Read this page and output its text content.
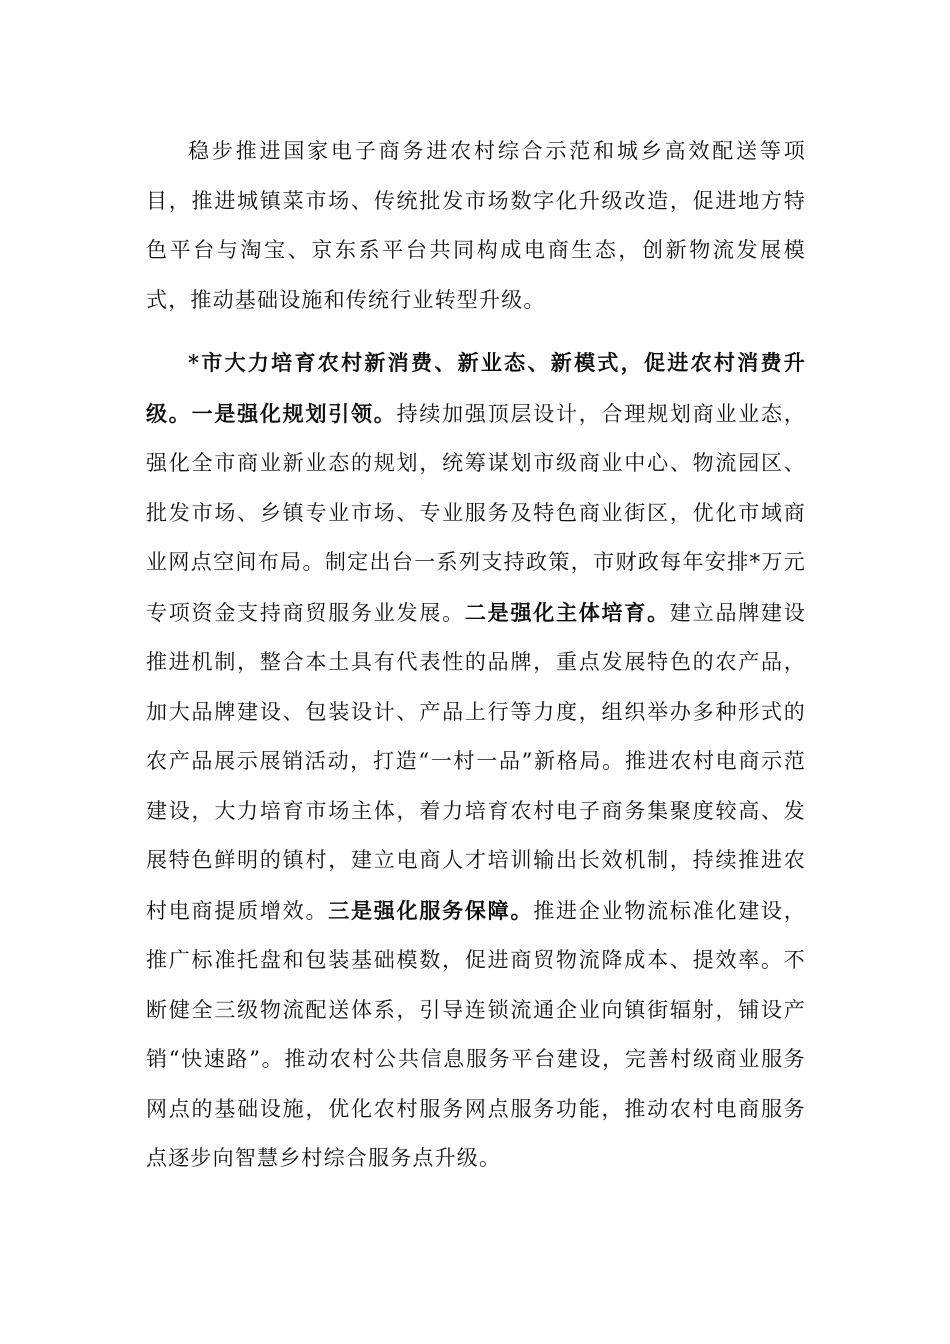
稳步推进国家电子商务进农村综合示范和城乡高效配送等项目，推进城镇菜市场、传统批发市场数字化升级改造，促进地方特色平台与淘宝、京东系平台共同构成电商生态，创新物流发展模式，推动基础设施和传统行业转型升级。

*市大力培育农村新消费、新业态、新模式，促进农村消费升级。一是强化规划引领。持续加强顶层设计，合理规划商业业态，强化全市商业新业态的规划，统筹谋划市级商业中心、物流园区、批发市场、乡镇专业市场、专业服务及特色商业街区，优化市域商业网点空间布局。制定出台一系列支持政策，市财政每年安排*万元专项资金支持商贸服务业发展。二是强化主体培育。建立品牌建设推进机制，整合本土具有代表性的品牌，重点发展特色的农产品，加大品牌建设、包装设计、产品上行等力度，组织举办多种形式的农产品展示展销活动，打造“一村一品”新格局。推进农村电商示范建设，大力培育市场主体，着力培育农村电子商务集聚度较高、发展特色鲜明的镇村，建立电商人才培训输出长效机制，持续推进农村电商提质增效。三是强化服务保障。推进企业物流标准化建设，推广标准托盘和包装基础模数，促进商贸物流降成本、提效率。不断健全三级物流配送体系，引导连锁流通企业向镇街辐射，铺设产销“快速路”。推动农村公共信息服务平台建设，完善村级商业服务网点的基础设施，优化农村服务网点服务功能，推动农村电商服务点逐步向智慧乡村综合服务点升级。
